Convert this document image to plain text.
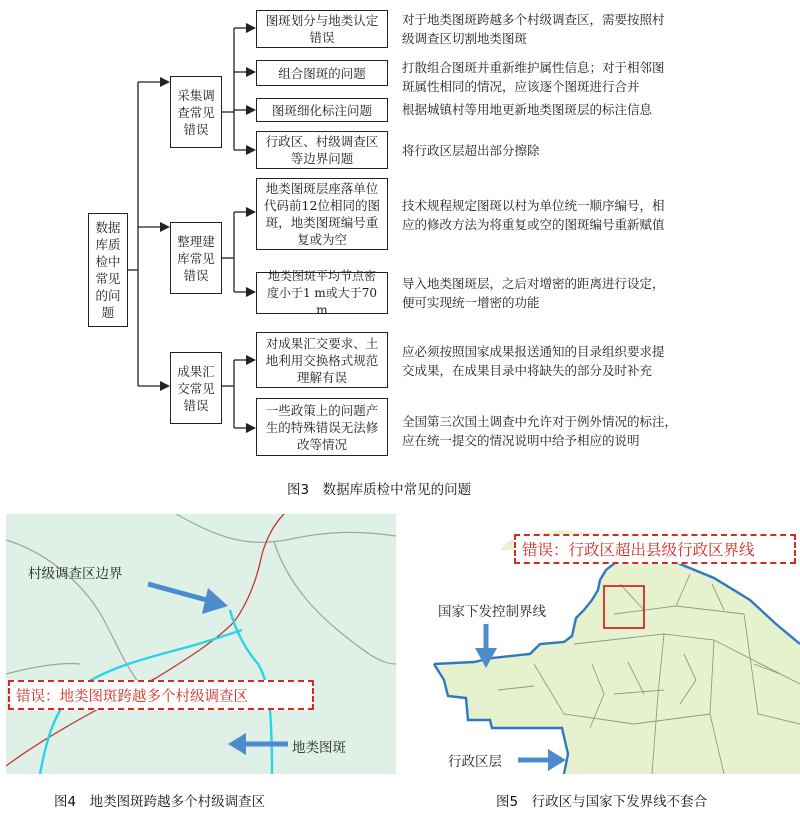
数据
库质
检中
常见
的问
题
采集调
查常见
错误
整理建
库常见
错误
成果汇
交常见
错误
图斑划分与地类认定
错误
组合图斑的问题
图斑细化标注问题
行政区、村级调查区
等边界问题
地类图斑层座落单位
代码前12位相同的图
斑，地类图斑编号重
复或为空
地类图斑平均节点密
度小于1 m或大于70 m
对成果汇交要求、土
地利用交换格式规范
理解有误
一些政策上的问题产
生的特殊错误无法修
改等情况
对于地类图斑跨越多个村级调查区，需要按照村
级调查区切割地类图斑
打散组合图斑并重新维护属性信息；对于相邻图
斑属性相同的情况，应该逐个图斑进行合并
根据城镇村等用地更新地类图斑层的标注信息
将行政区层超出部分擦除
技术规程规定图斑以村为单位统一顺序编号，相
应的修改方法为将重复或空的图斑编号重新赋值
导入地类图斑层，之后对增密的距离进行设定，
便可实现统一增密的功能
应必须按照国家成果报送通知的目录组织要求提
交成果，在成果目录中将缺失的部分及时补充
全国第三次国土调查中允许对于例外情况的标注，
应在统一提交的情况说明中给予相应的说明
图3　数据库质检中常见的问题
村级调查区边界
地类图斑
错误：地类图斑跨越多个村级调查区
图4　地类图斑跨越多个村级调查区
错误：行政区超出县级行政区界线
国家下发控制界线
行政区层
图5　行政区与国家下发界线不套合
